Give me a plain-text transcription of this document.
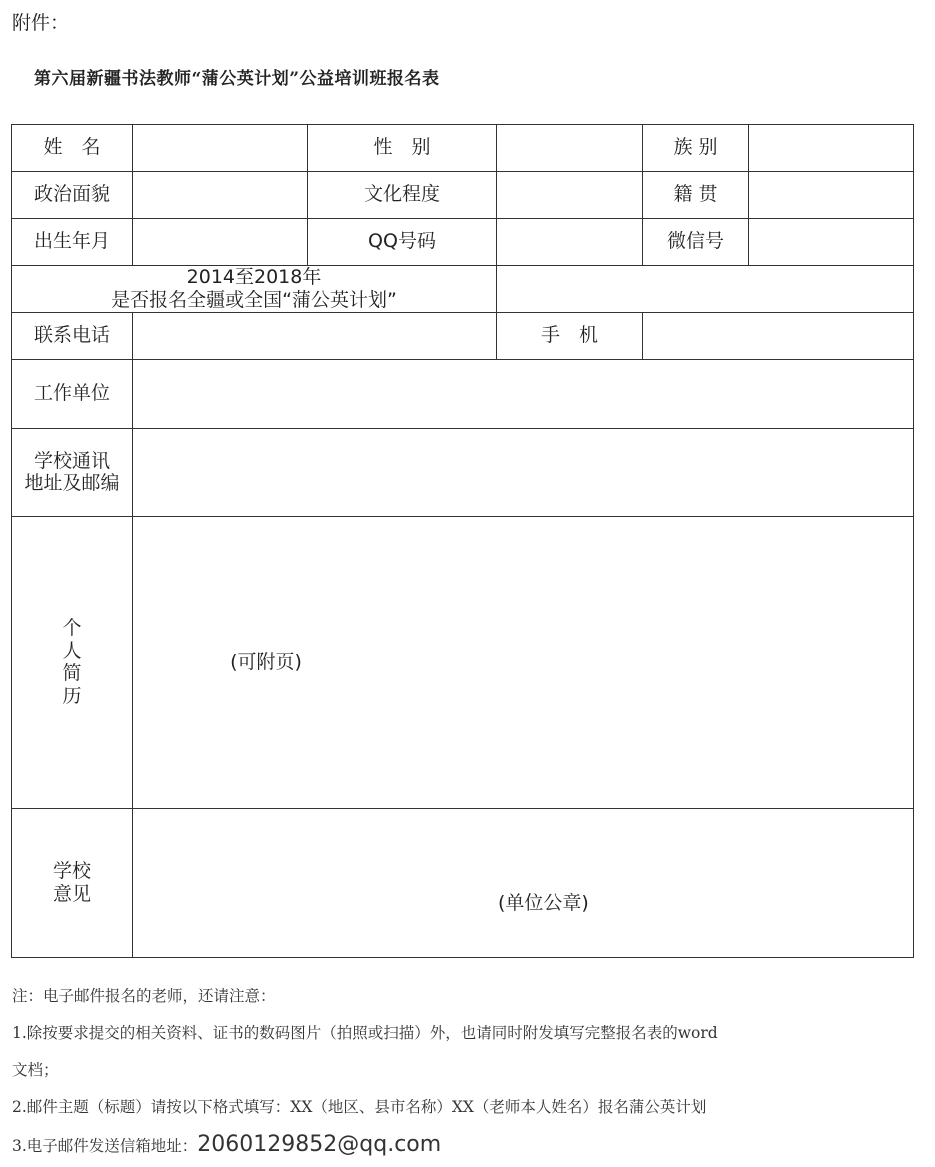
附件：
第六届新疆书法教师“蒲公英计划”公益培训班报名表
姓　名		性　别		族 别	
政治面貌		文化程度		籍 贯	
出生年月		QQ号码		微信号	
2014至2018年
是否报名全疆或全国“蒲公英计划”					
联系电话			手　机		
工作单位					
学校通讯
地址及邮编					
个
人
简
历	(可附页)				
学校
意见	(单位公章)				
注：电子邮件报名的老师，还请注意：
1.除按要求提交的相关资料、证书的数码图片（拍照或扫描）外，也请同时附发填写完整报名表的word
文档；
2.邮件主题（标题）请按以下格式填写：XX（地区、县市名称）XX（老师本人姓名）报名蒲公英计划
3.电子邮件发送信箱地址：2060129852@qq.com
